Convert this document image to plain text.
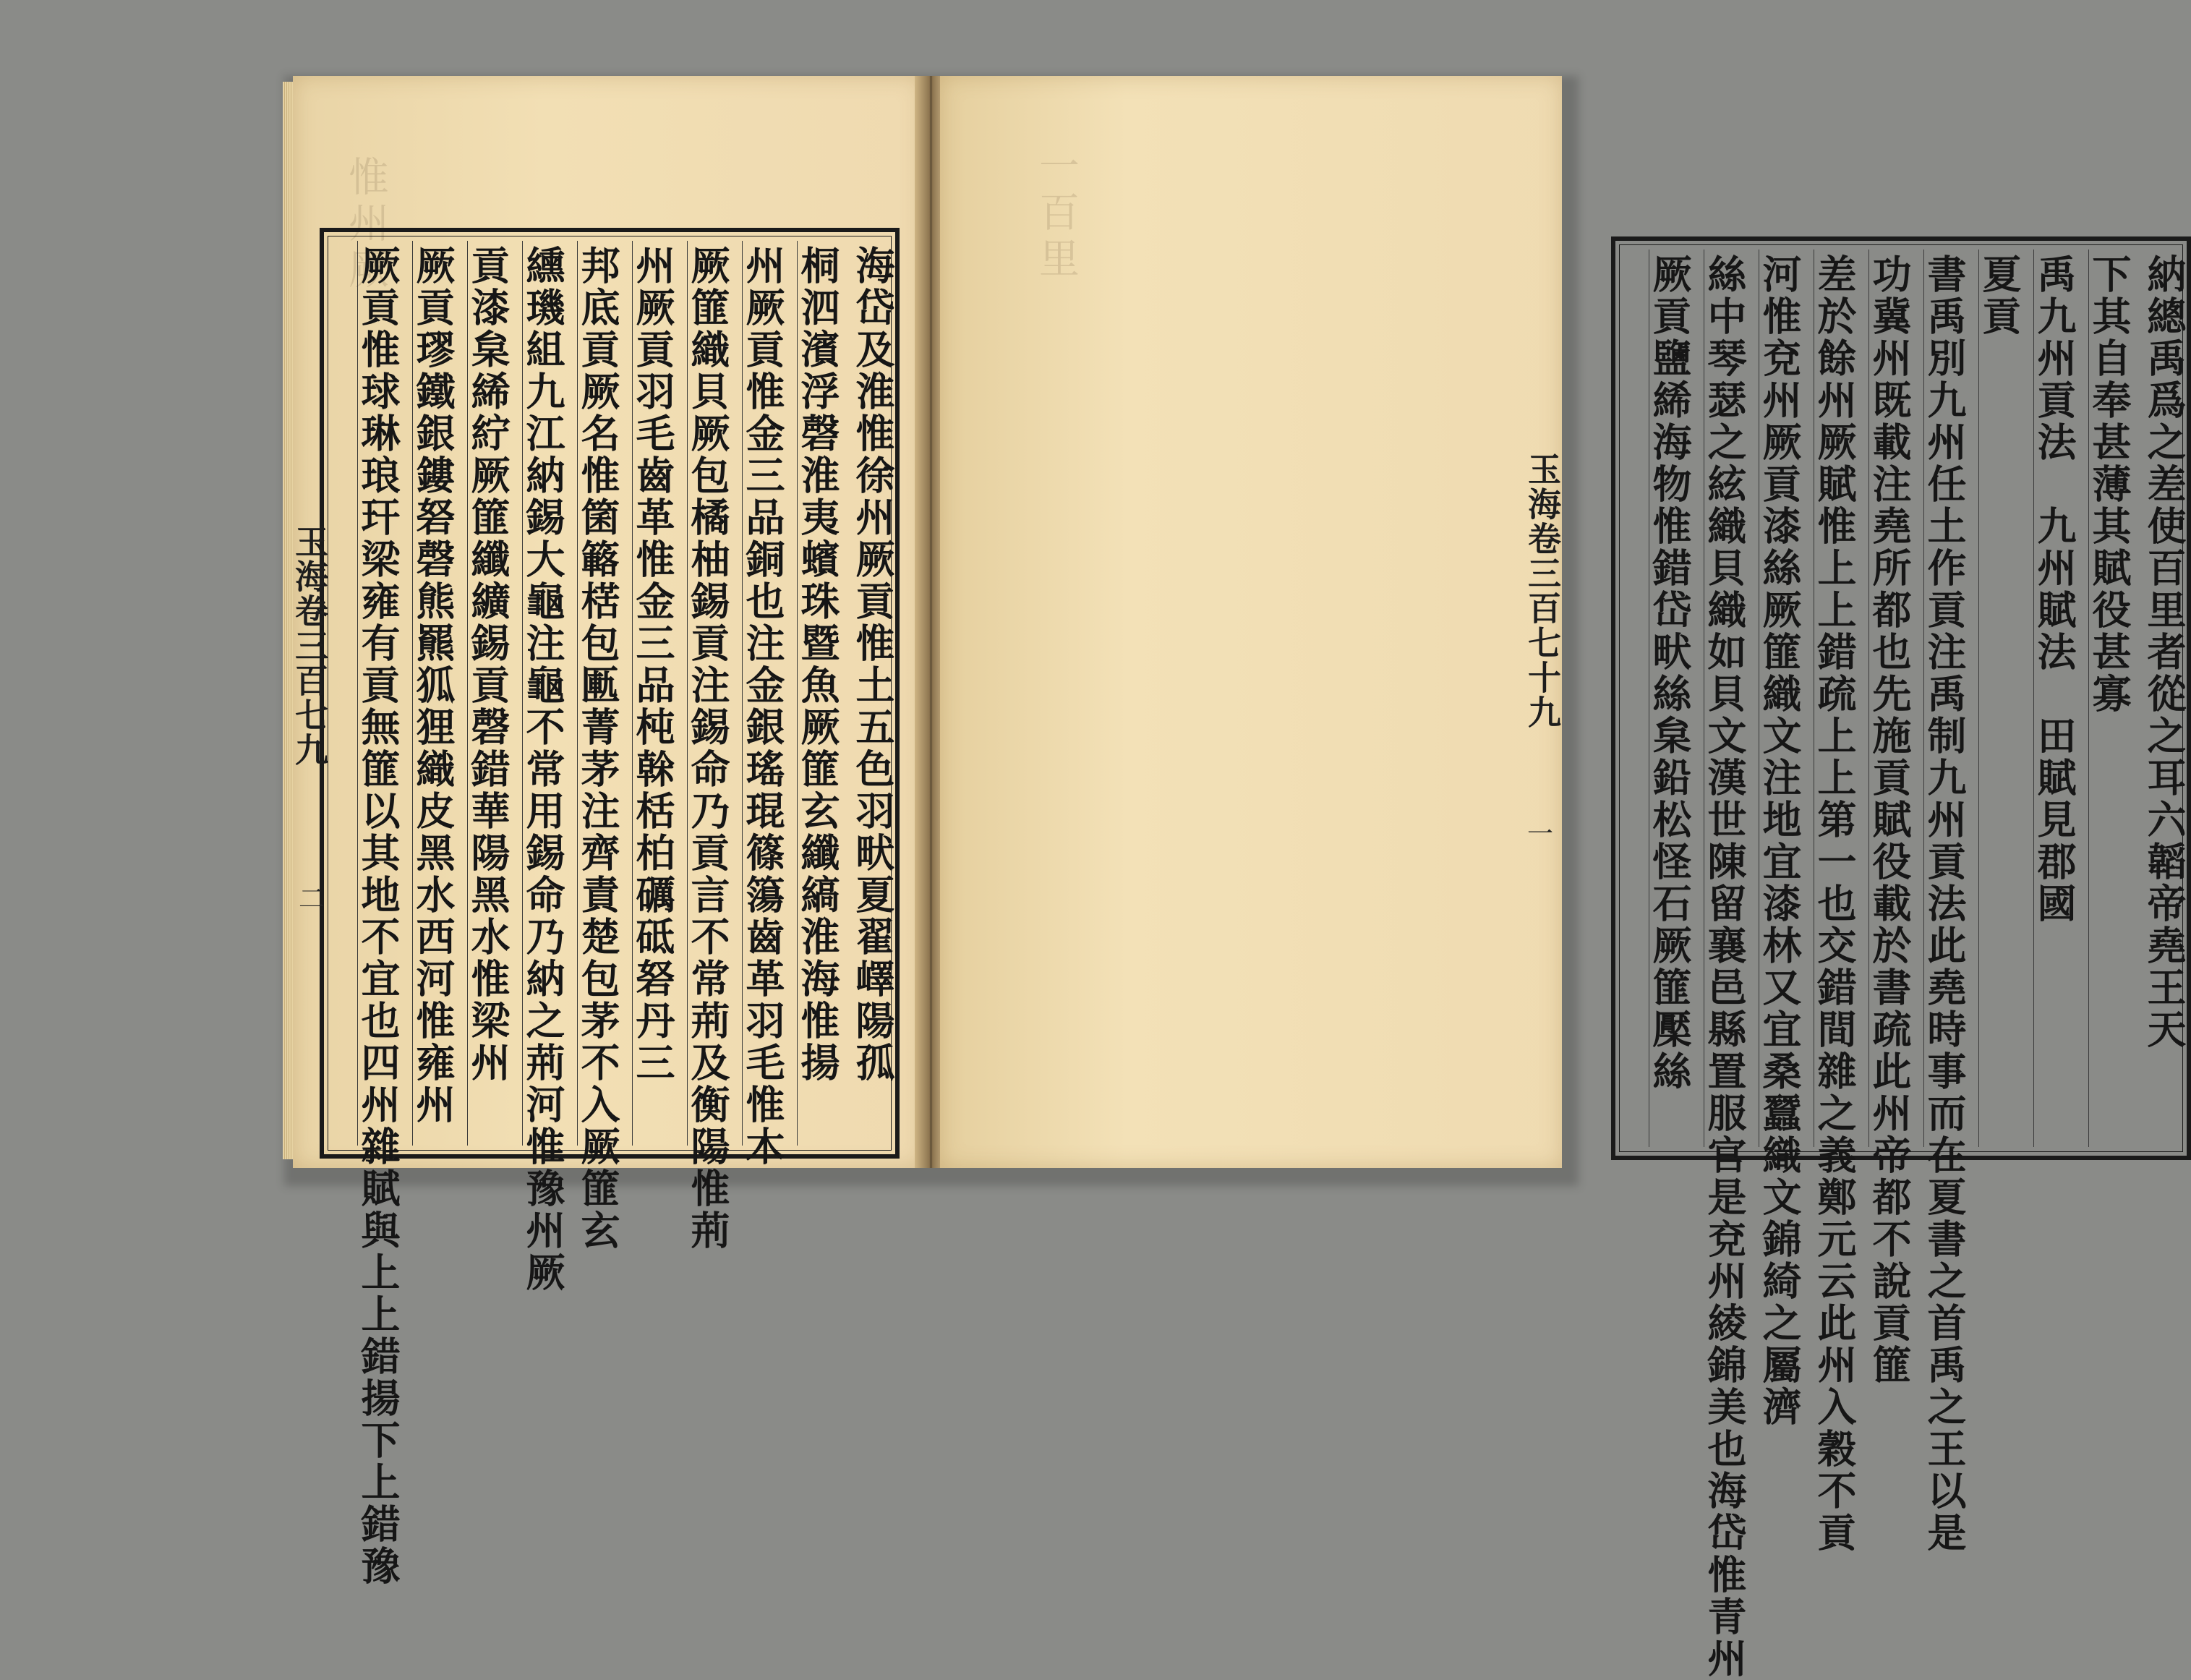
惟州厥
海岱及淮惟徐州厥貢惟土五色羽畎夏翟嶧陽孤
桐泗濱浮磬淮夷蠙珠暨魚厥篚玄纖縞淮海惟揚
州厥貢惟金三品銅也注金銀瑤琨篠簜齒革羽毛惟木
厥篚織貝厥包橘柚錫貢注錫命乃貢言不常荊及衡陽惟荊
州厥貢羽毛齒革惟金三品杶榦栝柏礪砥砮丹三
邦底貢厥名惟箘簵楛包匭菁茅注齊責楚包茅不入厥篚玄
纁璣組九江納錫大龜注龜不常用錫命乃納之荊河惟豫州厥
貢漆枲絺紵厥篚纖纊錫貢磬錯華陽黑水惟梁州
厥貢璆鐵銀鏤砮磬熊羆狐狸織皮黑水西河惟雍州
厥貢惟球琳琅玕梁雍有貢無篚以其地不宜也四州雜賦與上上錯揚下上錯豫
玉海卷三百七九
二
一百里
納總禹爲之差使百里者從之耳六韜帝堯王天
下其自奉甚薄其賦役甚寡
禹九州貢法　九州賦法　田賦見郡國
夏貢
書禹別九州任土作貢注禹制九州貢法此堯時事而在夏書之首禹之王以是
功冀州既載注堯所都也先施貢賦役載於書疏此州帝都不說貢篚
差於餘州厥賦惟上上錯疏上上第一也交錯間雜之義鄭元云此州入穀不貢
河惟兗州厥貢漆絲厥篚織文注地宜漆林又宜桑蠶織文錦綺之屬濟
絲中琴瑟之絃織貝織如貝文漢世陳留襄邑縣置服官是兗州綾錦美也海岱惟青州
厥貢鹽絺海物惟錯岱畎絲枲鉛松怪石厥篚檿絲
玉海卷三百七十九
一
